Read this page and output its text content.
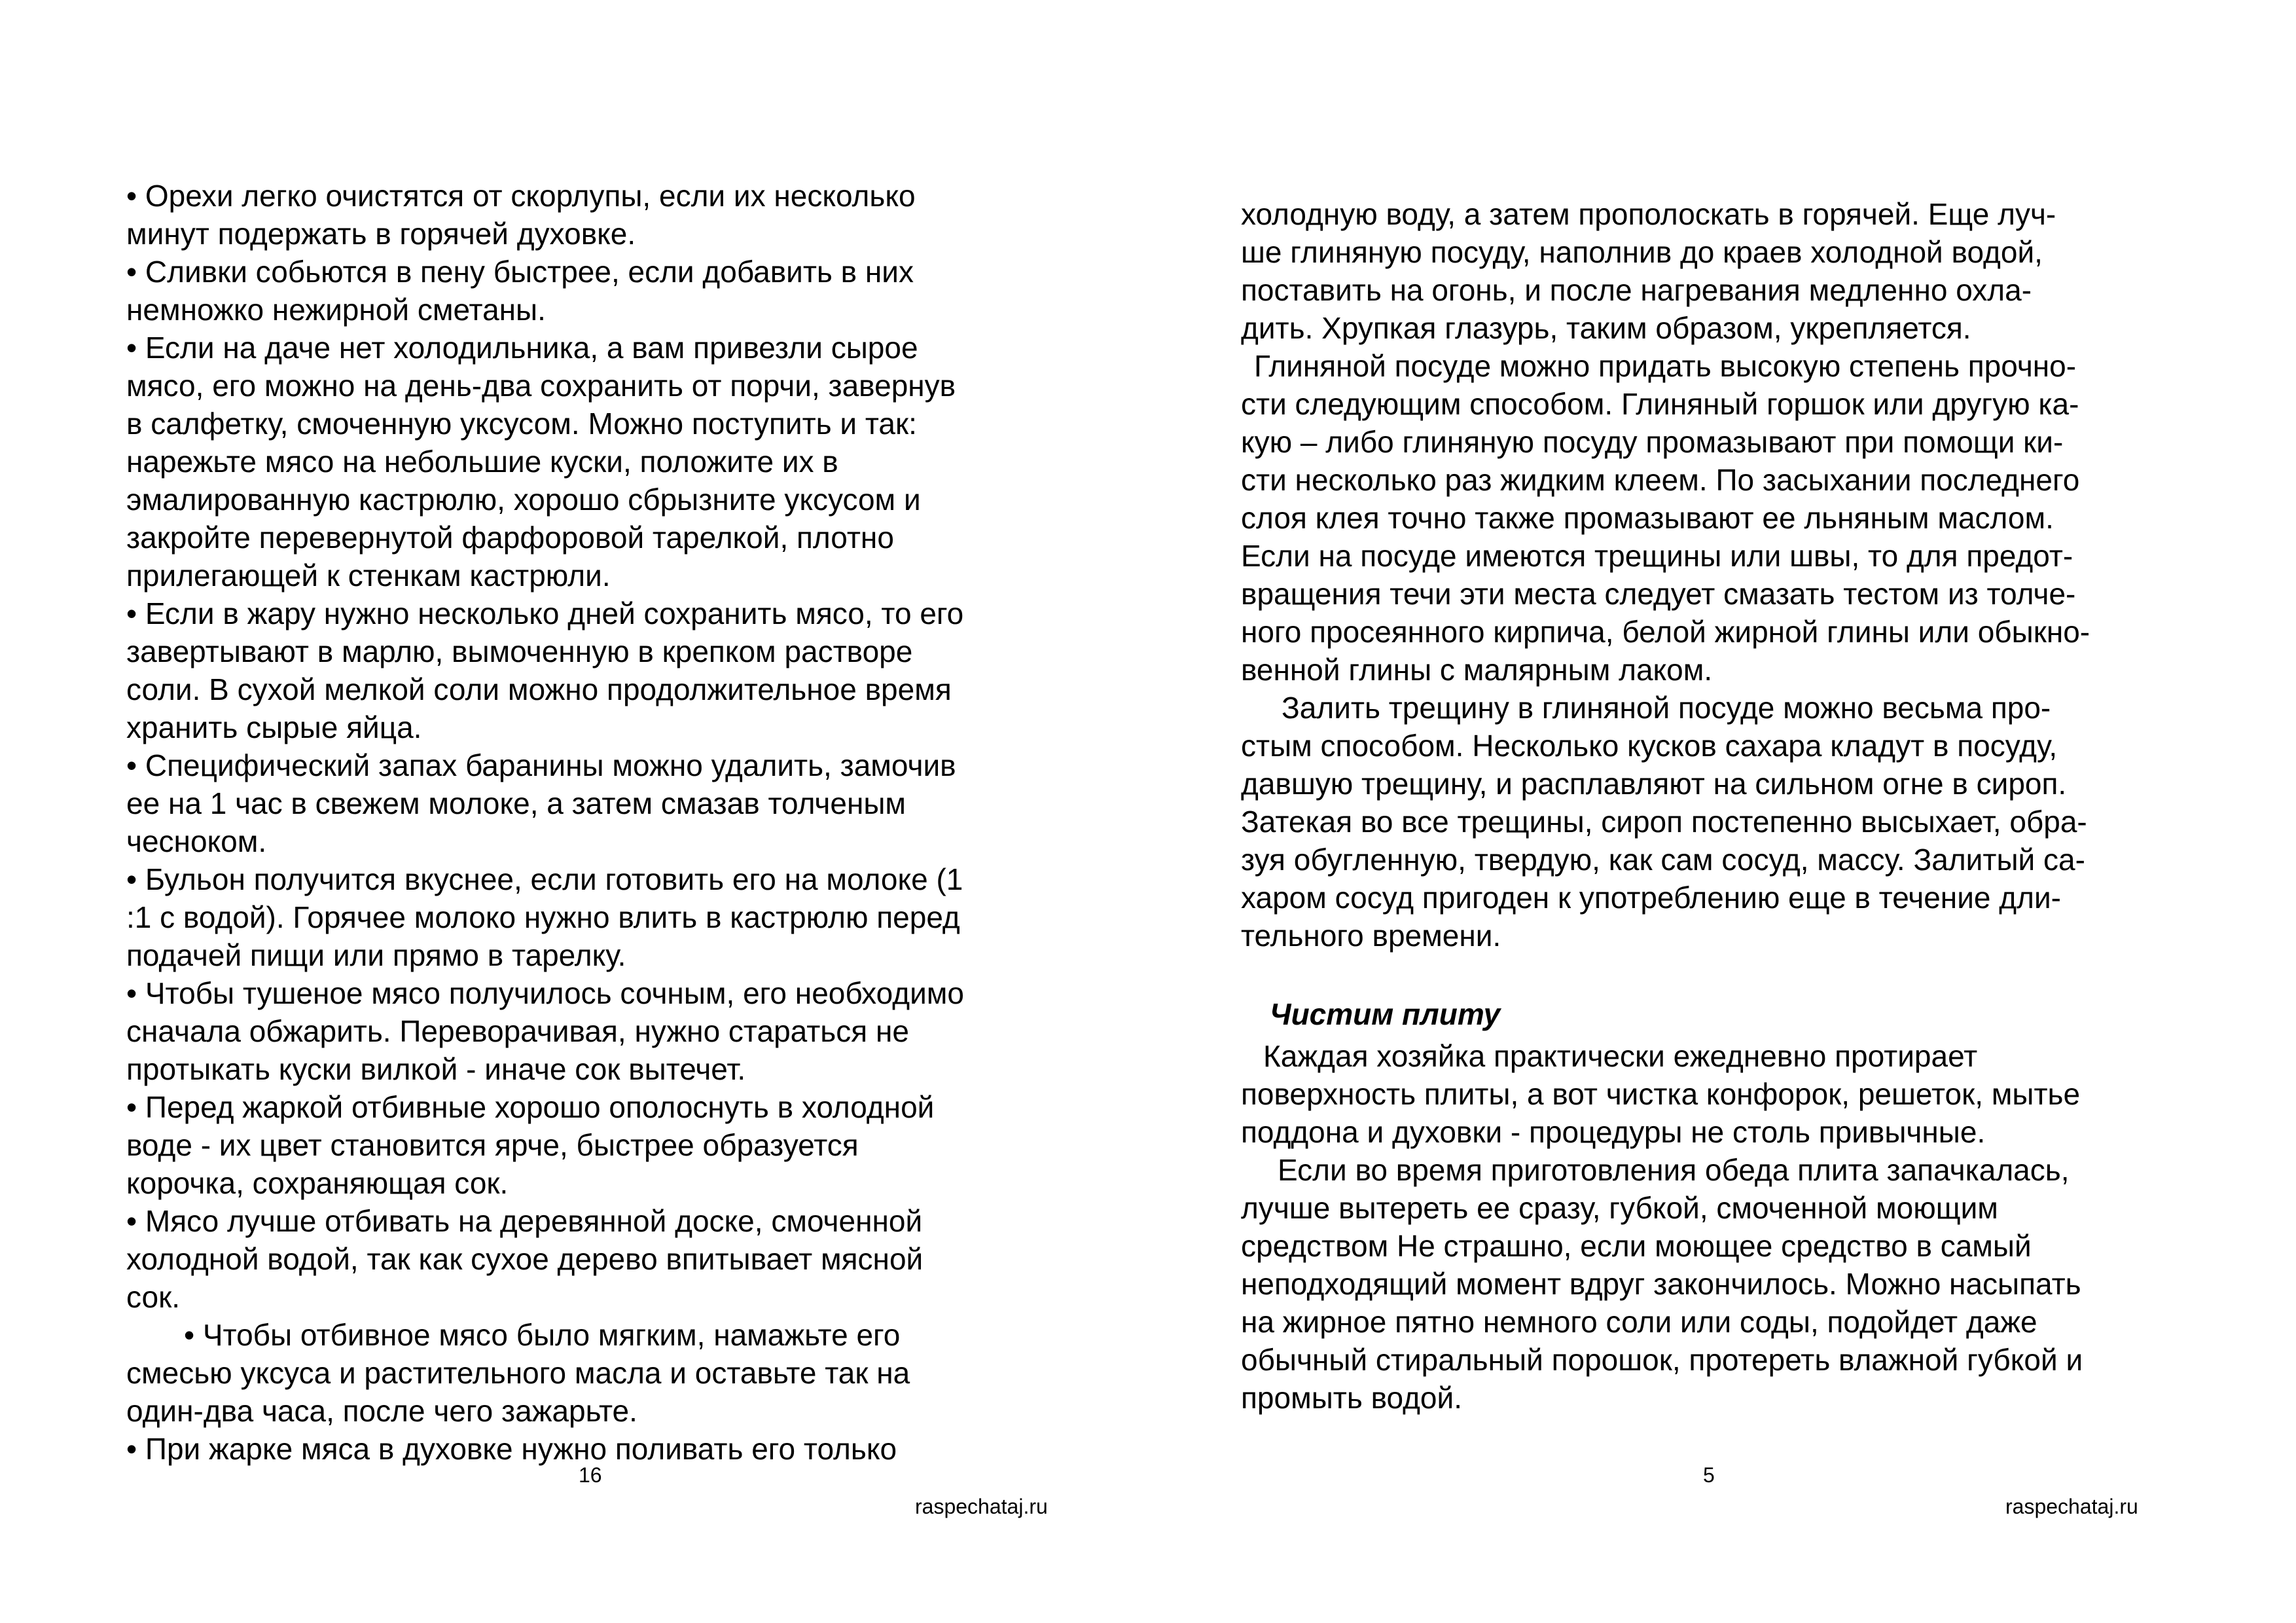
• Орехи легко очистятся от скорлупы, если их несколько
минут подержать в горячей духовке.
• Сливки собьются в пену быстрее, если добавить в них
немножко нежирной сметаны.
• Если на даче нет холодильника, а вам привезли сырое
мясо, его можно на день-два сохранить от порчи, завернув
в салфетку, смоченную уксусом. Можно поступить и так:
нарежьте мясо на небольшие куски, положите их в
эмалированную кастрюлю, хорошо сбрызните уксусом и
закройте перевернутой фарфоровой тарелкой, плотно
прилегающей к стенкам кастрюли.
• Если в жару нужно несколько дней сохранить мясо, то его
завертывают в марлю, вымоченную в крепком растворе
соли. В сухой мелкой соли можно продолжительное время
хранить сырые яйца.
• Специфический запах баранины можно удалить, замочив
ее на 1 час в свежем молоке, а затем смазав толченым
чесноком.
• Бульон получится вкуснее, если готовить его на молоке (1
:1 с водой). Горячее молоко нужно влить в кастрюлю перед
подачей пищи или прямо в тарелку.
• Чтобы тушеное мясо получилось сочным, его необходимо
сначала обжарить. Переворачивая, нужно стараться не
протыкать куски вилкой - иначе сок вытечет.
• Перед жаркой отбивные хорошо ополоснуть в холодной
воде - их цвет становится ярче, быстрее образуется
корочка, сохраняющая сок.
• Мясо лучше отбивать на деревянной доске, смоченной
холодной водой, так как сухое дерево впитывает мясной
сок.
• Чтобы отбивное мясо было мягким, намажьте его
смесью уксуса и растительного масла и оставьте так на
один-два часа, после чего зажарьте.
• При жарке мяса в духовке нужно поливать его только
16
raspechataj.ru
холодную воду, а затем прополоскать в горячей. Еще луч-
ше глиняную посуду, наполнив до краев холодной водой,
поставить на огонь, и после нагревания медленно охла-
дить. Хрупкая глазурь, таким образом, укрепляется.
Глиняной посуде можно придать высокую степень прочно-
сти следующим способом. Глиняный горшок или другую ка-
кую – либо глиняную посуду промазывают при помощи ки-
сти несколько раз жидким клеем. По засыхании последнего
слоя клея точно также промазывают ее льняным маслом.
Если на посуде имеются трещины или швы, то для предот-
вращения течи эти места следует смазать тестом из толче-
ного просеянного кирпича, белой жирной глины или обыкно-
венной глины с малярным лаком.
Залить трещину в глиняной посуде можно весьма про-
стым способом. Несколько кусков сахара кладут в посуду,
давшую трещину, и расплавляют на сильном огне в сироп.
Затекая во все трещины, сироп постепенно высыхает, обра-
зуя обугленную, твердую, как сам сосуд, массу. Залитый са-
харом сосуд пригоден к употреблению еще в течение дли-
тельного времени.
Чистим плиту
Каждая хозяйка практически ежедневно протирает
поверхность плиты, а вот чистка конфорок, решеток, мытье
поддона и духовки - процедуры не столь привычные.
Если во время приготовления обеда плита запачкалась,
лучше вытереть ее сразу, губкой, смоченной моющим
средством Не страшно, если моющее средство в самый
неподходящий момент вдруг закончилось. Можно насыпать
на жирное пятно немного соли или соды, подойдет даже
обычный стиральный порошок, протереть влажной губкой и
промыть водой.
5
raspechataj.ru
